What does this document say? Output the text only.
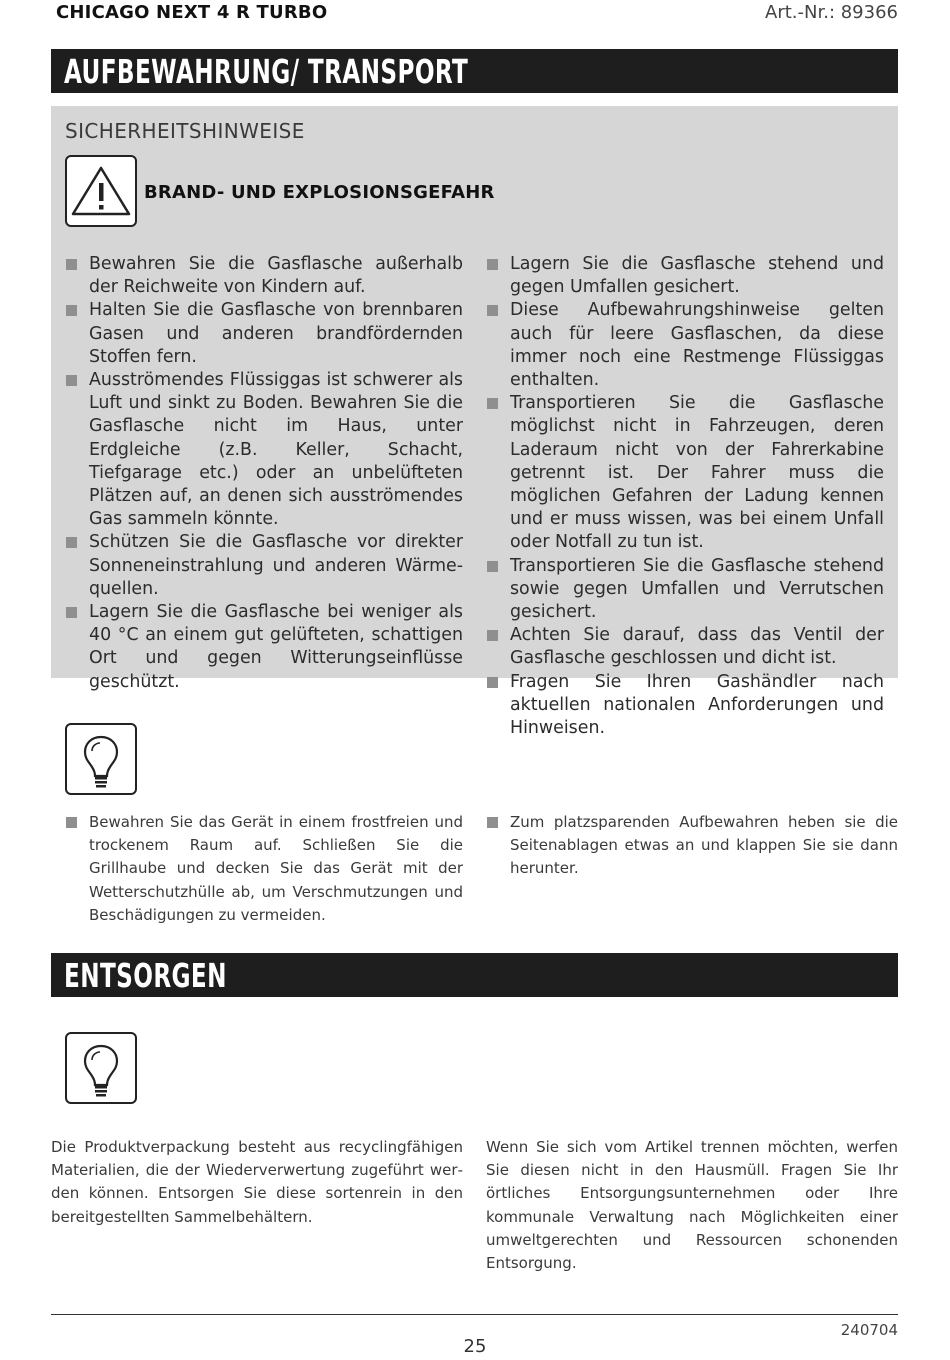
CHICAGO NEXT 4 R TURBO	Art.-Nr.: 89366
AUFBEWAHRUNG/ TRANSPORT
SICHERHEITSHINWEISE
BRAND- UND EXPLOSIONSGEFAHR
Bewahren Sie die Gasflasche außerhalb der Reichweite von Kindern auf.
Halten Sie die Gasflasche von brennbaren Gasen und anderen brandfördernden Stoffen fern.
Ausströmendes Flüssiggas ist schwerer als Luft und sinkt zu Boden. Bewahren Sie die Gasflasche nicht im Haus, unter Erdgleiche (z.B. Keller, Schacht, Tiefgarage etc.) oder an unbelüfteten Plätzen auf, an denen sich ausströmendes Gas sammeln könnte.
Schützen Sie die Gasflasche vor direkter Sonneneinstrahlung und anderen Wärmequellen.
Lagern Sie die Gasflasche bei weniger als 40 °C an einem gut gelüfteten, schattigen Ort und gegen Witterungseinflüsse geschützt.
Lagern Sie die Gasflasche stehend und gegen Umfallen gesichert.
Diese Aufbewahrungshinweise gelten auch für leere Gasflaschen, da diese immer noch eine Restmenge Flüssiggas enthalten.
Transportieren Sie die Gasflasche möglichst nicht in Fahrzeugen, deren Laderaum nicht von der Fahrerkabine getrennt ist. Der Fahrer muss die möglichen Gefahren der Ladung kennen und er muss wissen, was bei einem Unfall oder Notfall zu tun ist.
Transportieren Sie die Gasflasche stehend sowie gegen Umfallen und Verrutschen gesichert.
Achten Sie darauf, dass das Ventil der Gasflasche geschlossen und dicht ist.
Fragen Sie Ihren Gashändler nach aktuellen nationalen Anforderungen und Hinweisen.
Bewahren Sie das Gerät in einem frostfreien und trockenem Raum auf. Schließen Sie die Grillhaube und decken Sie das Gerät mit der Wetterschutzhülle ab, um Verschmutzungen und Beschädigungen zu vermeiden.
Zum platzsparenden Aufbewahren heben sie die Seitenablagen etwas an und klappen Sie sie dann herunter.
ENTSORGEN
Die Produktverpackung besteht aus recyclingfähigen Materialien, die der Wiederverwertung zugeführt werden können. Entsorgen Sie diese sortenrein in den bereitgestellten Sammelbehältern.
Wenn Sie sich vom Artikel trennen möchten, werfen Sie diesen nicht in den Hausmüll. Fragen Sie Ihr örtliches Entsorgungsunternehmen oder Ihre kommunale Verwaltung nach Möglichkeiten einer umweltgerechten und Ressourcen schonenden Entsorgung.
240704
25
